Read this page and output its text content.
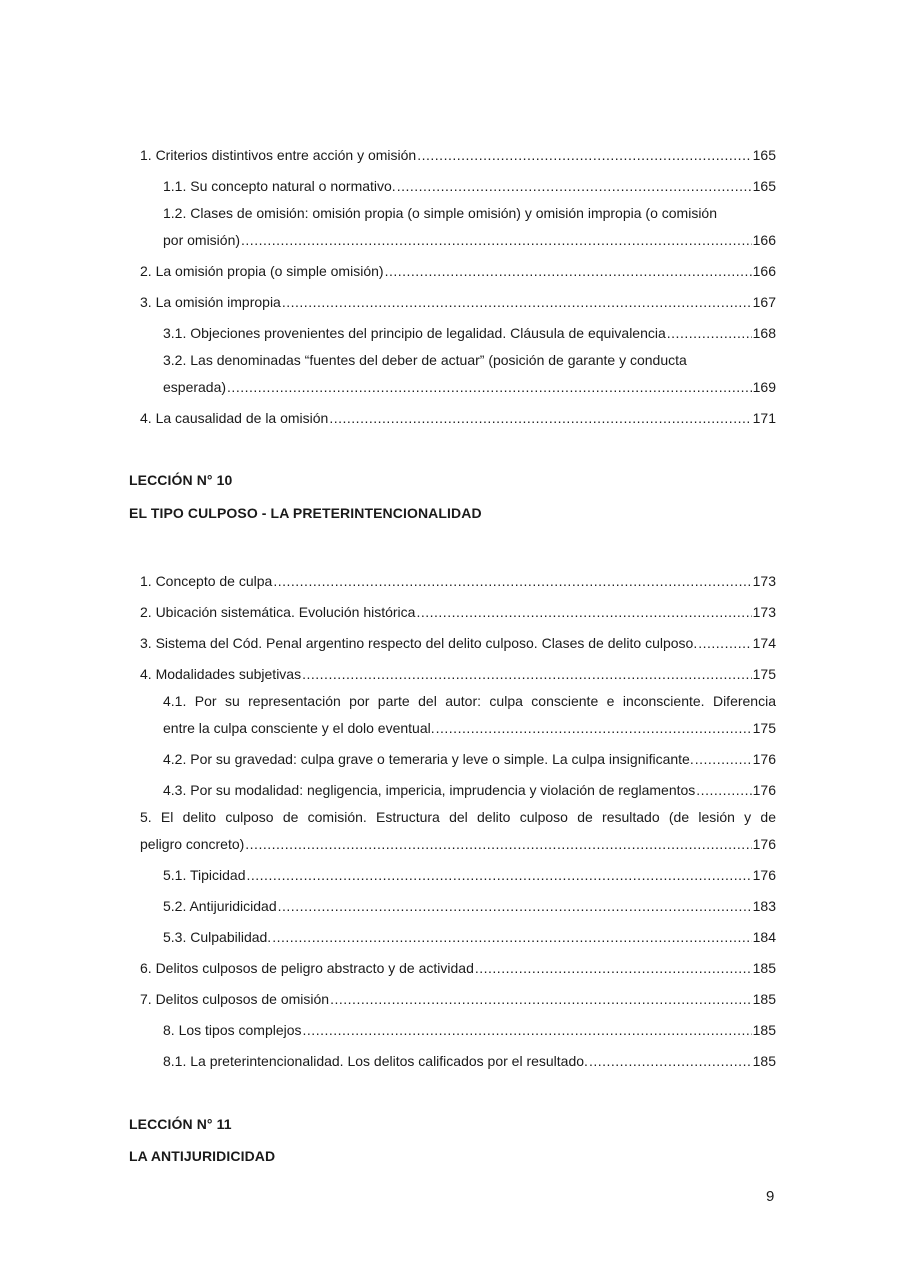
1. Criterios distintivos entre acción y omisión .....	165
1.1. Su concepto natural o normativo. .....	165
1.2. Clases de omisión: omisión propia (o simple omisión) y omisión impropia (o comisión
por omisión) .....	166
2. La omisión propia (o simple omisión) .....	166
3. La omisión impropia .....	167
3.1. Objeciones provenientes del principio de legalidad. Cláusula de equivalencia .....	168
3.2. Las denominadas “fuentes del deber de actuar” (posición de garante y conducta
esperada) .....	169
4. La causalidad de la omisión .....	171
LECCIÓN N° 10
EL TIPO CULPOSO - LA PRETERINTENCIONALIDAD
1. Concepto de culpa .....	173
2. Ubicación sistemática. Evolución histórica .....	173
3. Sistema del Cód. Penal argentino respecto del delito culposo. Clases de delito culposo. .....	174
4. Modalidades subjetivas .....	175
4.1. Por su representación por parte del autor: culpa consciente e inconsciente. Diferencia
entre la culpa consciente y el dolo eventual. .....	175
4.2. Por su gravedad: culpa grave o temeraria y leve o simple. La culpa insignificante. .....	176
4.3. Por su modalidad: negligencia, impericia, imprudencia y violación de reglamentos .....	176
5. El delito culposo de comisión. Estructura del delito culposo de resultado (de lesión y de
peligro concreto) .....	176
5.1. Tipicidad .....	176
5.2. Antijuridicidad .....	183
5.3. Culpabilidad. .....	184
6. Delitos culposos de peligro abstracto y de actividad .....	185
7. Delitos culposos de omisión .....	185
8. Los tipos complejos .....	185
8.1. La preterintencionalidad. Los delitos calificados por el resultado. .....	185
LECCIÓN N° 11
LA ANTIJURIDICIDAD
9
